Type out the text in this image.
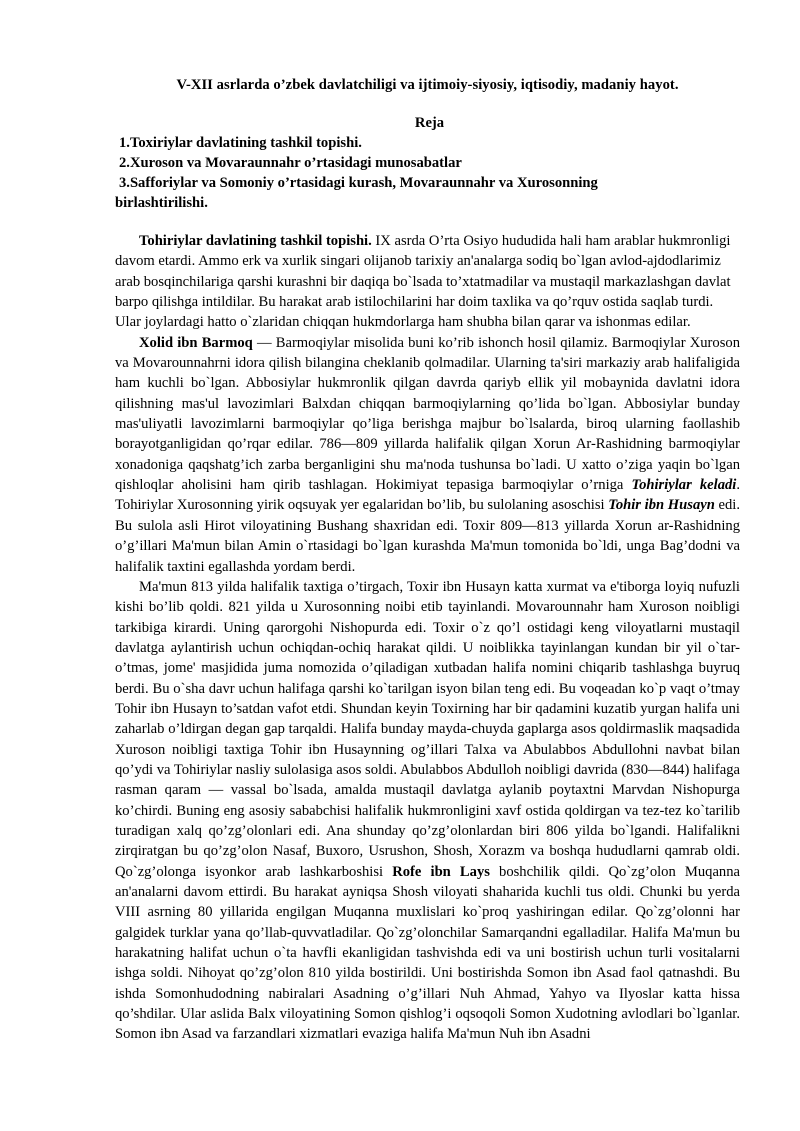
V-XII asrlarda o’zbek davlatchiligi va ijtimoiy-siyosiy, iqtisodiy, madaniy hayot.
Reja
1.Toxiriylar davlatining tashkil topishi.
2.Xuroson va Movaraunnahr o’rtasidagi munosabatlar
3.Safforiylar va Somoniy o’rtasidagi kurash, Movaraunnahr va Xurosonning
birlashtirilishi.

Tohiriylar davlatining tashkil topishi. IX asrda O’rta Osiyo hududida hali ham arablar hukmronligi davom etardi. Ammo erk va xurlik singari olijanob tarixiy an'analarga sodiq bo`lgan avlod-ajdodlarimiz arab bosqinchilariga qarshi kurashni bir daqiqa bo`lsada to’xtatmadilar va mustaqil markazlashgan davlat barpo qilishga intildilar. Bu harakat arab istilochilarini har doim taxlika va qo’rquv ostida saqlab turdi. Ular joylardagi hatto o`zlaridan chiqqan hukmdorlarga ham shubha bilan qarar va ishonmas edilar.

Xolid ibn Barmoq — Barmoqiylar misolida buni ko’rib ishonch hosil qilamiz. Barmoqiylar Xuroson va Movarounnahrni idora qilish bilangina cheklanib qolmadilar. Ularning ta'siri markaziy arab halifaligida ham kuchli bo`lgan. Abbosiylar hukmronlik qilgan davrda qariyb ellik yil mobaynida davlatni idora qilishning mas'ul lavozimlari Balxdan chiqqan barmoqiylarning qo’lida bo`lgan. Abbosiylar bunday mas'uliyatli lavozimlarni barmoqiylar qo’liga berishga majbur bo`lsalarda, biroq ularning faollashib borayotganligidan qo’rqar edilar. 786—809 yillarda halifalik qilgan Xorun Ar-Rashidning barmoqiylar xonadoniga qaqshatg’ich zarba berganligini shu ma'noda tushunsa bo`ladi. U xatto o’ziga yaqin bo`lgan qishloqlar aholisini ham qirib tashlagan. Hokimiyat tepasiga barmoqiylar o’rniga Tohiriylar keladi. Tohiriylar Xurosonning yirik oqsuyak yer egalaridan bo’lib, bu sulolaning asoschisi Tohir ibn Husayn edi. Bu sulola asli Hirot viloyatining Bushang shaxridan edi. Toxir 809—813 yillarda Xorun ar-Rashidning o’g’illari Ma'mun bilan Amin o`rtasidagi bo`lgan kurashda Ma'mun tomonida bo`ldi, unga Bag’dodni va halifalik taxtini egallashda yordam berdi.

Ma'mun 813 yilda halifalik taxtiga o’tirgach, Toxir ibn Husayn katta xurmat va e'tiborga loyiq nufuzli kishi bo’lib qoldi. 821 yilda u Xurosonning noibi etib tayinlandi. Movarounnahr ham Xuroson noibligi tarkibiga kirardi. Uning qarorgohi Nishopurda edi. Toxir o`z qo’l ostidagi keng viloyatlarni mustaqil davlatga aylantirish uchun ochiqdan-ochiq harakat qildi. U noiblikka tayinlangan kundan bir yil o`tar-o’tmas, jome' masjidida juma nomozida o’qiladigan xutbadan halifa nomini chiqarib tashlashga buyruq berdi. Bu o`sha davr uchun halifaga qarshi ko`tarilgan isyon bilan teng edi. Bu voqeadan ko`p vaqt o’tmay Tohir ibn Husayn to’satdan vafot etdi. Shundan keyin Toxirning har bir qadamini kuzatib yurgan halifa uni zaharlab o’ldirgan degan gap tarqaldi. Halifa bunday mayda-chuyda gaplarga asos qoldirmaslik maqsadida Xuroson noibligi taxtiga Tohir ibn Husaynning og’illari Talxa va Abulabbos Abdullohni navbat bilan qo’ydi va Tohiriylar nasliy sulolasiga asos soldi. Abulabbos Abdulloh noibligi davrida (830—844) halifaga rasman qaram — vassal bo`lsada, amalda mustaqil davlatga aylanib poytaxtni Marvdan Nishopurga ko’chirdi. Buning eng asosiy sababchisi halifalik hukmronligini xavf ostida qoldirgan va tez-tez ko`tarilib turadigan xalq qo’zg’olonlari edi. Ana shunday qo’zg’olonlardan biri 806 yilda bo`lgandi. Halifalikni zirqiratgan bu qo’zg’olon Nasaf, Buxoro, Usrushon, Shosh, Xorazm va boshqa hududlarni qamrab oldi. Qo`zg’olonga isyonkor arab lashkarboshisi Rofe ibn Lays boshchilik qildi. Qo`zg’olon Muqanna an'analarni davom ettirdi. Bu harakat ayniqsa Shosh viloyati shaharida kuchli tus oldi. Chunki bu yerda VIII asrning 80 yillarida engilgan Muqanna muxlislari ko`proq yashiringan edilar. Qo`zg’olonni har galgidek turklar yana qo’llab-quvvatladilar. Qo`zg’olonchilar Samarqandni egalladilar. Halifa Ma'mun bu harakatning halifat uchun o`ta havfli ekanligidan tashvishda edi va uni bostirish uchun turli vositalarni ishga soldi. Nihoyat qo’zg’olon 810 yilda bostirildi. Uni bostirishda Somon ibn Asad faol qatnashdi. Bu ishda Somonhudodning nabiralari Asadning o’g’illari Nuh Ahmad, Yahyo va Ilyoslar katta hissa qo’shdilar. Ular aslida Balx viloyatining Somon qishlog’i oqsoqoli Somon Xudotning avlodlari bo`lganlar. Somon ibn Asad va farzandlari xizmatlari evaziga halifa Ma'mun Nuh ibn Asadni
